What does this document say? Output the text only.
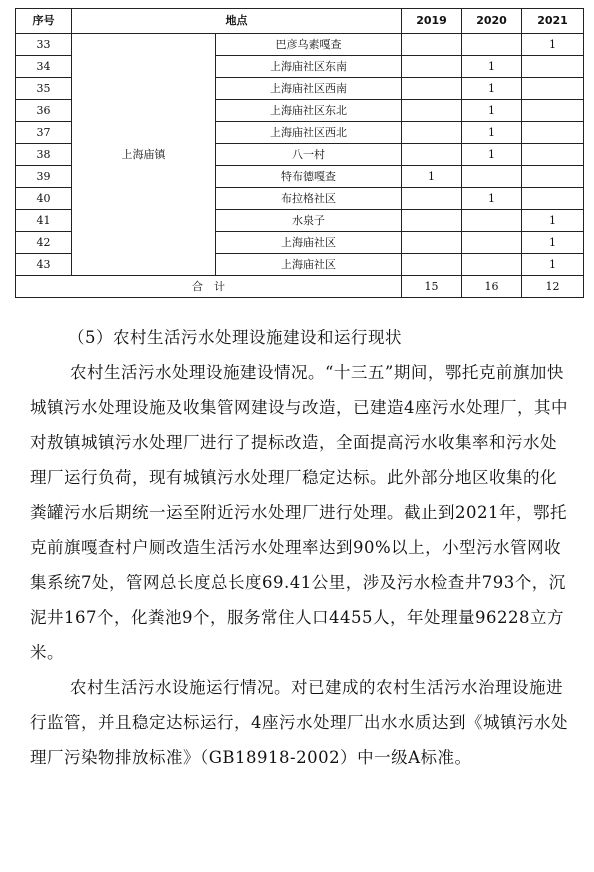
序号	地点		2019	2020	2021
33	上海庙镇	巴彦乌素嘎查			1
34		上海庙社区东南		1	
35		上海庙社区西南		1	
36		上海庙社区东北		1	
37		上海庙社区西北		1	
38		八一村		1	
39		特布德嘎查	1		
40		布拉格社区		1	
41		水泉子			1
42		上海庙社区			1
43		上海庙社区			1
合　计			15	16	12

（5）农村生活污水处理设施建设和运行现状

农村生活污水处理设施建设情况。“十三五”期间，鄂托克前旗加快城镇污水处理设施及收集管网建设与改造，已建造4座污水处理厂，其中对敖镇城镇污水处理厂进行了提标改造，全面提高污水收集率和污水处理厂运行负荷，现有城镇污水处理厂稳定达标。此外部分地区收集的化粪罐污水后期统一运至附近污水处理厂进行处理。截止到2021年，鄂托克前旗嘎查村户厕改造生活污水处理率达到90%以上，小型污水管网收集系统7处，管网总长度总长度69.41公里，涉及污水检查井793个，沉泥井167个，化粪池9个，服务常住人口4455人，年处理量96228立方米。

农村生活污水设施运行情况。对已建成的农村生活污水治理设施进行监管，并且稳定达标运行，4座污水处理厂出水水质达到《城镇污水处理厂污染物排放标准》（GB18918-2002）中一级A标准。
